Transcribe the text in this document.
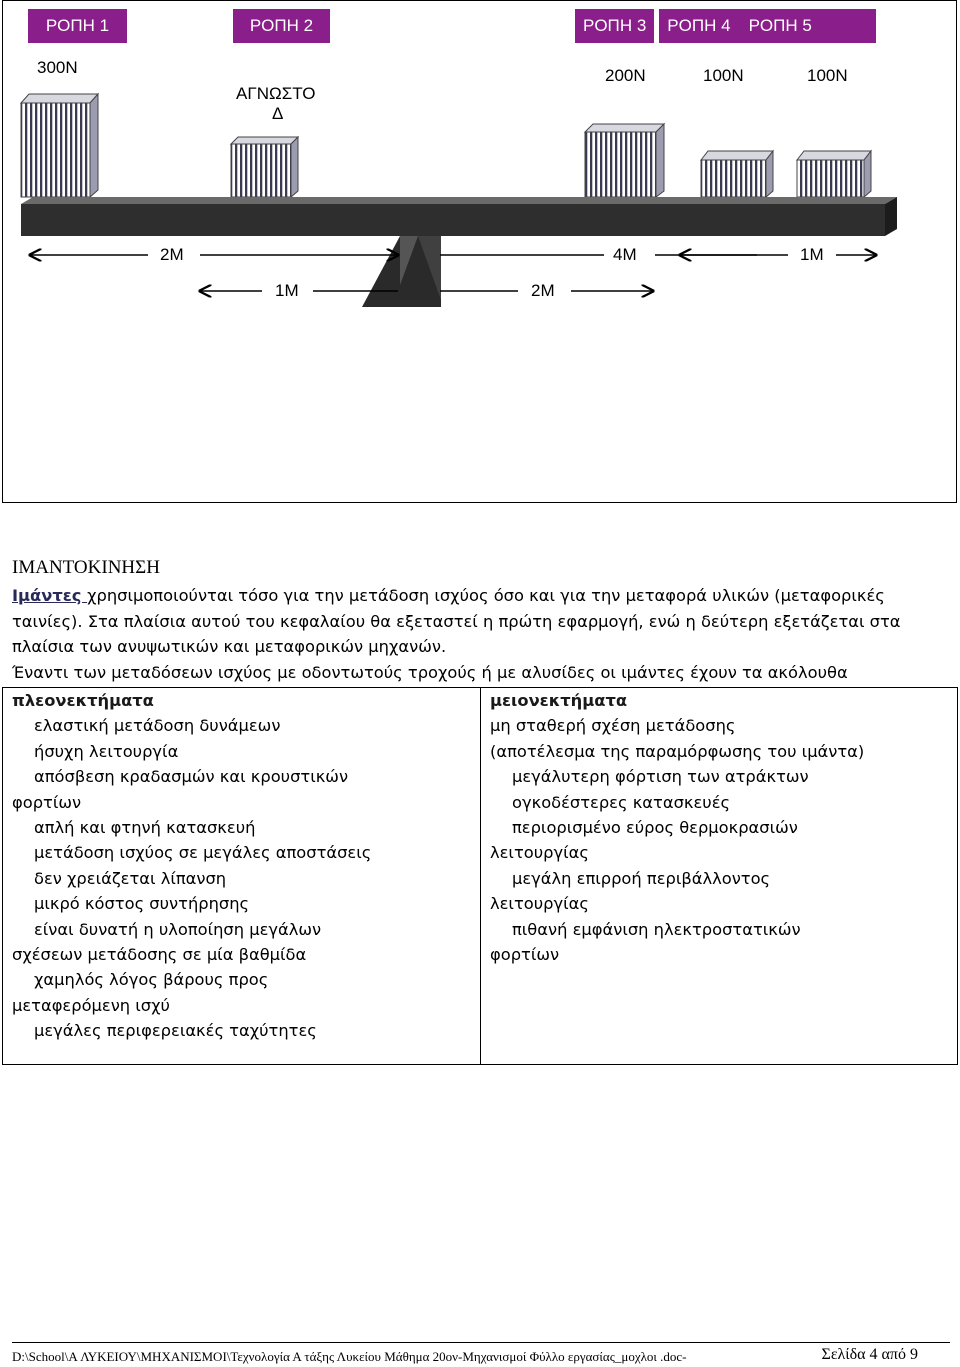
ΡΟΠΗ 1	ΡΟΠΗ 2	ΡΟΠΗ 3 ΡΟΠΗ 4 ΡΟΠΗ 5
300N
ΑΓΝΩΣΤΟ
Δ
200N	100N	100N
2M
1M	2M
4M	1M
ΙΜΑΝΤΟΚΙΝΗΣΗ
Ιμάντες χρησιμοποιούνται τόσο για την μετάδοση ισχύος όσο και για την μεταφορά υλικών (μεταφορικές ταινίες). Στα πλαίσια αυτού του κεφαλαίου θα εξεταστεί η πρώτη εφαρμογή, ενώ η δεύτερη εξετάζεται στα πλαίσια των ανυψωτικών και μεταφορικών μηχανών.
Έναντι των μεταδόσεων ισχύος με οδοντωτούς τροχούς ή με αλυσίδες οι ιμάντες έχουν τα ακόλουθα
πλεονεκτήματα
ελαστική μετάδοση δυνάμεων
ήσυχη λειτουργία
απόσβεση κραδασμών και κρουστικών
φορτίων
απλή και φτηνή κατασκευή
μετάδοση ισχύος σε μεγάλες αποστάσεις
δεν χρειάζεται λίπανση
μικρό κόστος συντήρησης
είναι δυνατή η υλοποίηση μεγάλων
σχέσεων μετάδοσης σε μία βαθμίδα
χαμηλός λόγος βάρους προς
μεταφερόμενη ισχύ
μεγάλες περιφερειακές ταχύτητες
μειονεκτήματα
μη σταθερή σχέση μετάδοσης
(αποτέλεσμα της παραμόρφωσης του ιμάντα)
μεγάλυτερη φόρτιση των ατράκτων
ογκοδέστερες κατασκευές
περιορισμένο εύρος θερμοκρασιών
λειτουργίας
μεγάλη επιρροή περιβάλλοντος
λειτουργίας
πιθανή εμφάνιση ηλεκτροστατικών
φορτίων
D:\School\A ΛΥΚΕΙΟΥ\ΜΗΧΑΝΙΣΜΟΙ\Τεχνολογία Α τάξης Λυκείου Μάθημα 20ον-Μηχανισμοί Φύλλο εργασίας_μοχλοι .doc-	Σελίδα 4 από 9
